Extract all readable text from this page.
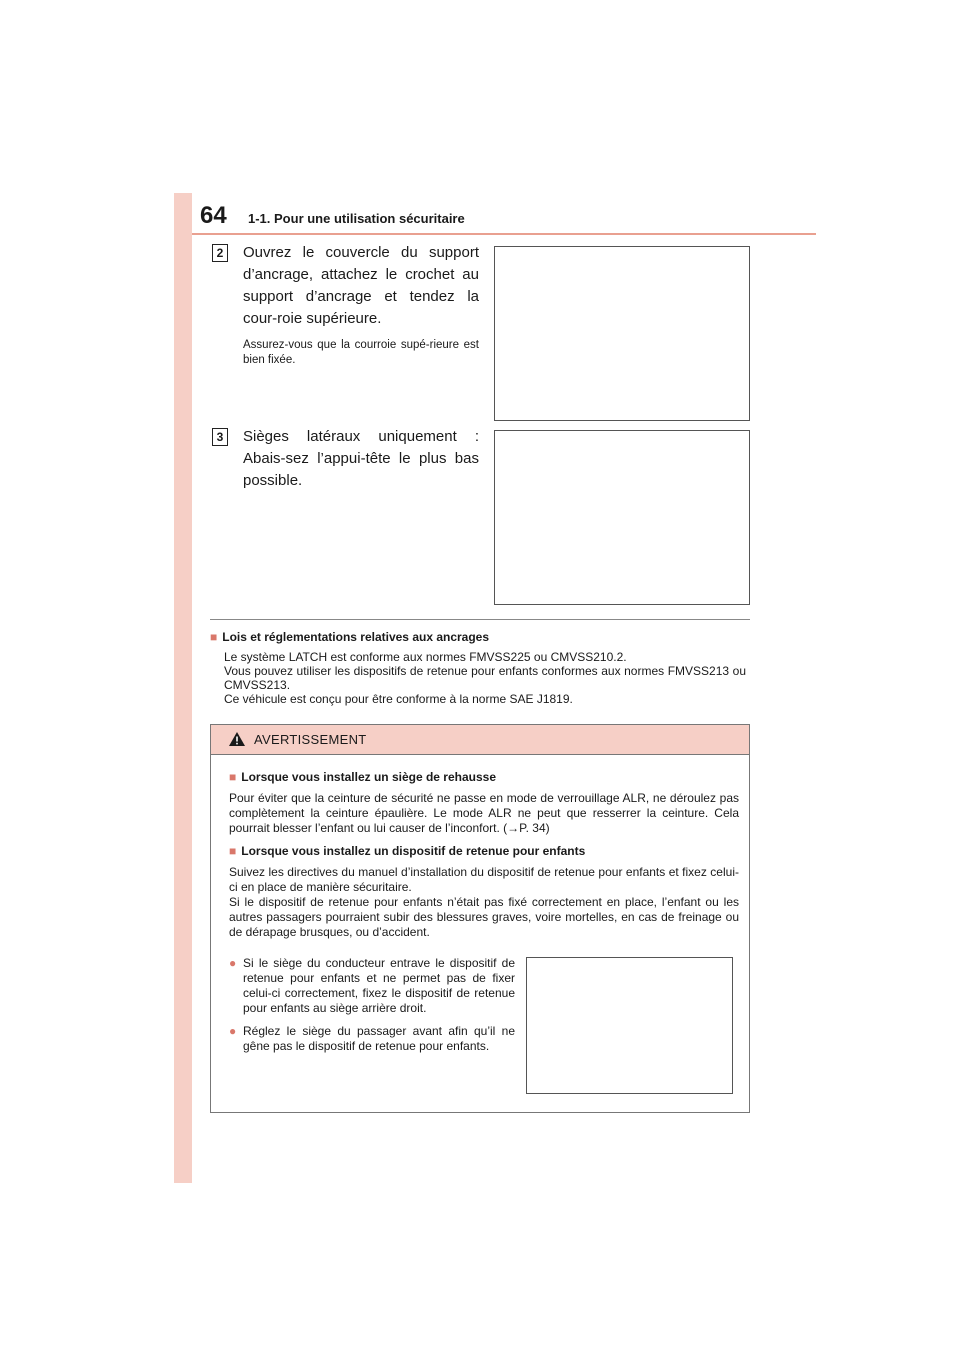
64 1-1. Pour une utilisation sécuritaire
2	Ouvrez le couvercle du support d’ancrage, attachez le crochet au support d’ancrage et tendez la cour-roie supérieure.
Assurez-vous que la courroie supé-rieure est bien fixée.
3	Sièges latéraux uniquement : Abais-sez l’appui-tête le plus bas possible.
■ Lois et réglementations relatives aux ancrages

Le système LATCH est conforme aux normes FMVSS225 ou CMVSS210.2.

Vous pouvez utiliser les dispositifs de retenue pour enfants conformes aux normes FMVSS213 ou CMVSS213.

Ce véhicule est conçu pour être conforme à la norme SAE J1819.

AVERTISSEMENT
■ Lorsque vous installez un siège de rehausse

Pour éviter que la ceinture de sécurité ne passe en mode de verrouillage ALR, ne déroulez pas complètement la ceinture épaulière. Le mode ALR ne peut que resserrer la ceinture. Cela pourrait blesser l’enfant ou lui causer de l’inconfort. (→P. 34)

■ Lorsque vous installez un dispositif de retenue pour enfants

Suivez les directives du manuel d’installation du dispositif de retenue pour enfants et fixez celui-ci en place de manière sécuritaire.

Si le dispositif de retenue pour enfants n’était pas fixé correctement en place, l’enfant ou les autres passagers pourraient subir des blessures graves, voire mortelles, en cas de freinage ou de dérapage brusques, ou d’accident.

● Si le siège du conducteur entrave le dispositif de retenue pour enfants et ne permet pas de fixer celui-ci correctement, fixez le dispositif de retenue pour enfants au siège arrière droit.
● Réglez le siège du passager avant afin qu’il ne gêne pas le dispositif de retenue pour enfants.
